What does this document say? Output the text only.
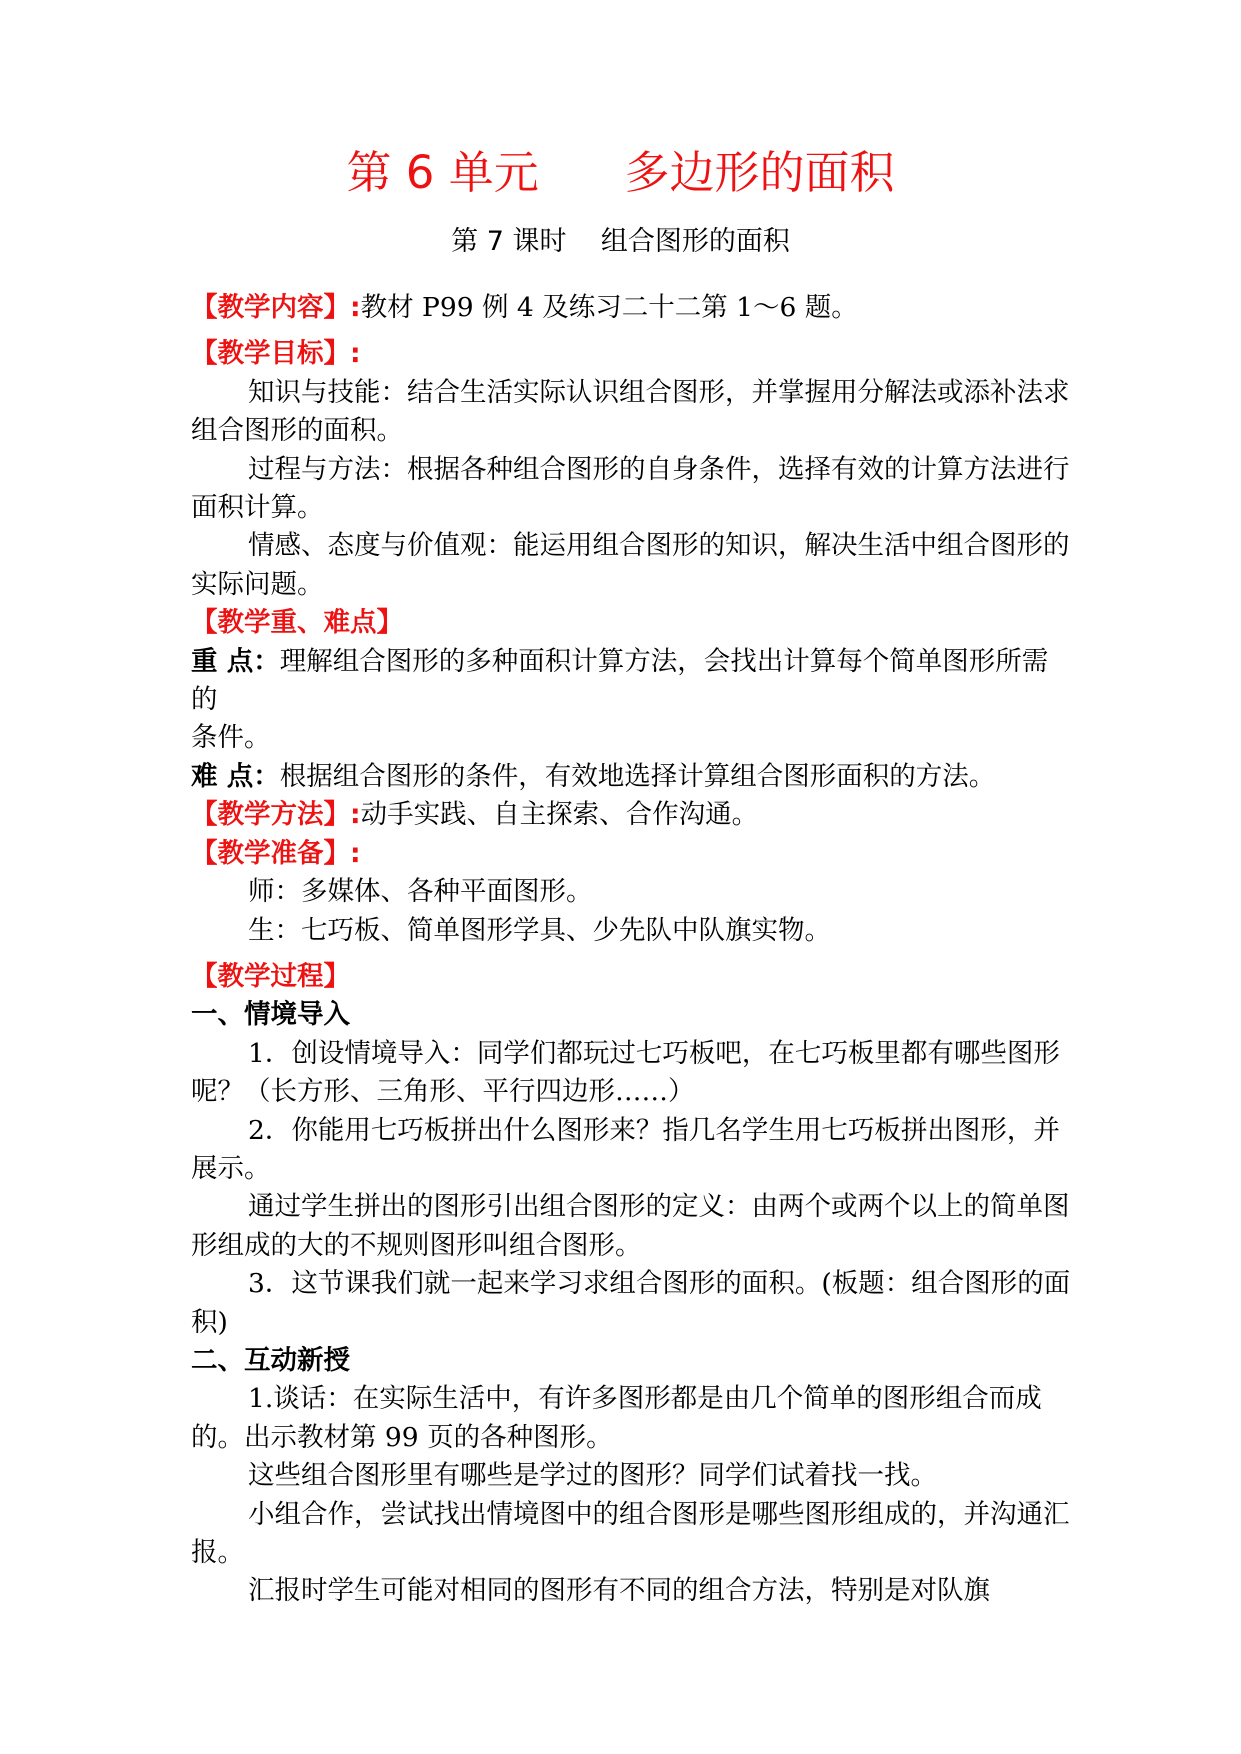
第 6 单元      多边形的面积
第 7 课时    组合图形的面积

【教学内容】:教材 P99 例 4 及练习二十二第 1～6 题。

【教学目标】:

知识与技能：结合生活实际认识组合图形，并掌握用分解法或添补法求组合图形的面积。

过程与方法：根据各种组合图形的自身条件，选择有效的计算方法进行面积计算。

情感、态度与价值观：能运用组合图形的知识，解决生活中组合图形的实际问题。

【教学重、难点】

重 点：理解组合图形的多种面积计算方法，会找出计算每个简单图形所需的

条件。

难 点：根据组合图形的条件，有效地选择计算组合图形面积的方法。

【教学方法】:动手实践、自主探索、合作沟通。

【教学准备】:

师：多媒体、各种平面图形。

生：七巧板、简单图形学具、少先队中队旗实物。

【教学过程】

一、情境导入

1．创设情境导入：同学们都玩过七巧板吧，在七巧板里都有哪些图形呢？（长方形、三角形、平行四边形……）

2．你能用七巧板拼出什么图形来？指几名学生用七巧板拼出图形，并展示。

通过学生拼出的图形引出组合图形的定义：由两个或两个以上的简单图形组成的大的不规则图形叫组合图形。

3．这节课我们就一起来学习求组合图形的面积。(板题：组合图形的面积)

二、互动新授

1.谈话：在实际生活中，有许多图形都是由几个简单的图形组合而成的。出示教材第 99 页的各种图形。

这些组合图形里有哪些是学过的图形？同学们试着找一找。

小组合作，尝试找出情境图中的组合图形是哪些图形组成的，并沟通汇报。

汇报时学生可能对相同的图形有不同的组合方法，特别是对队旗
